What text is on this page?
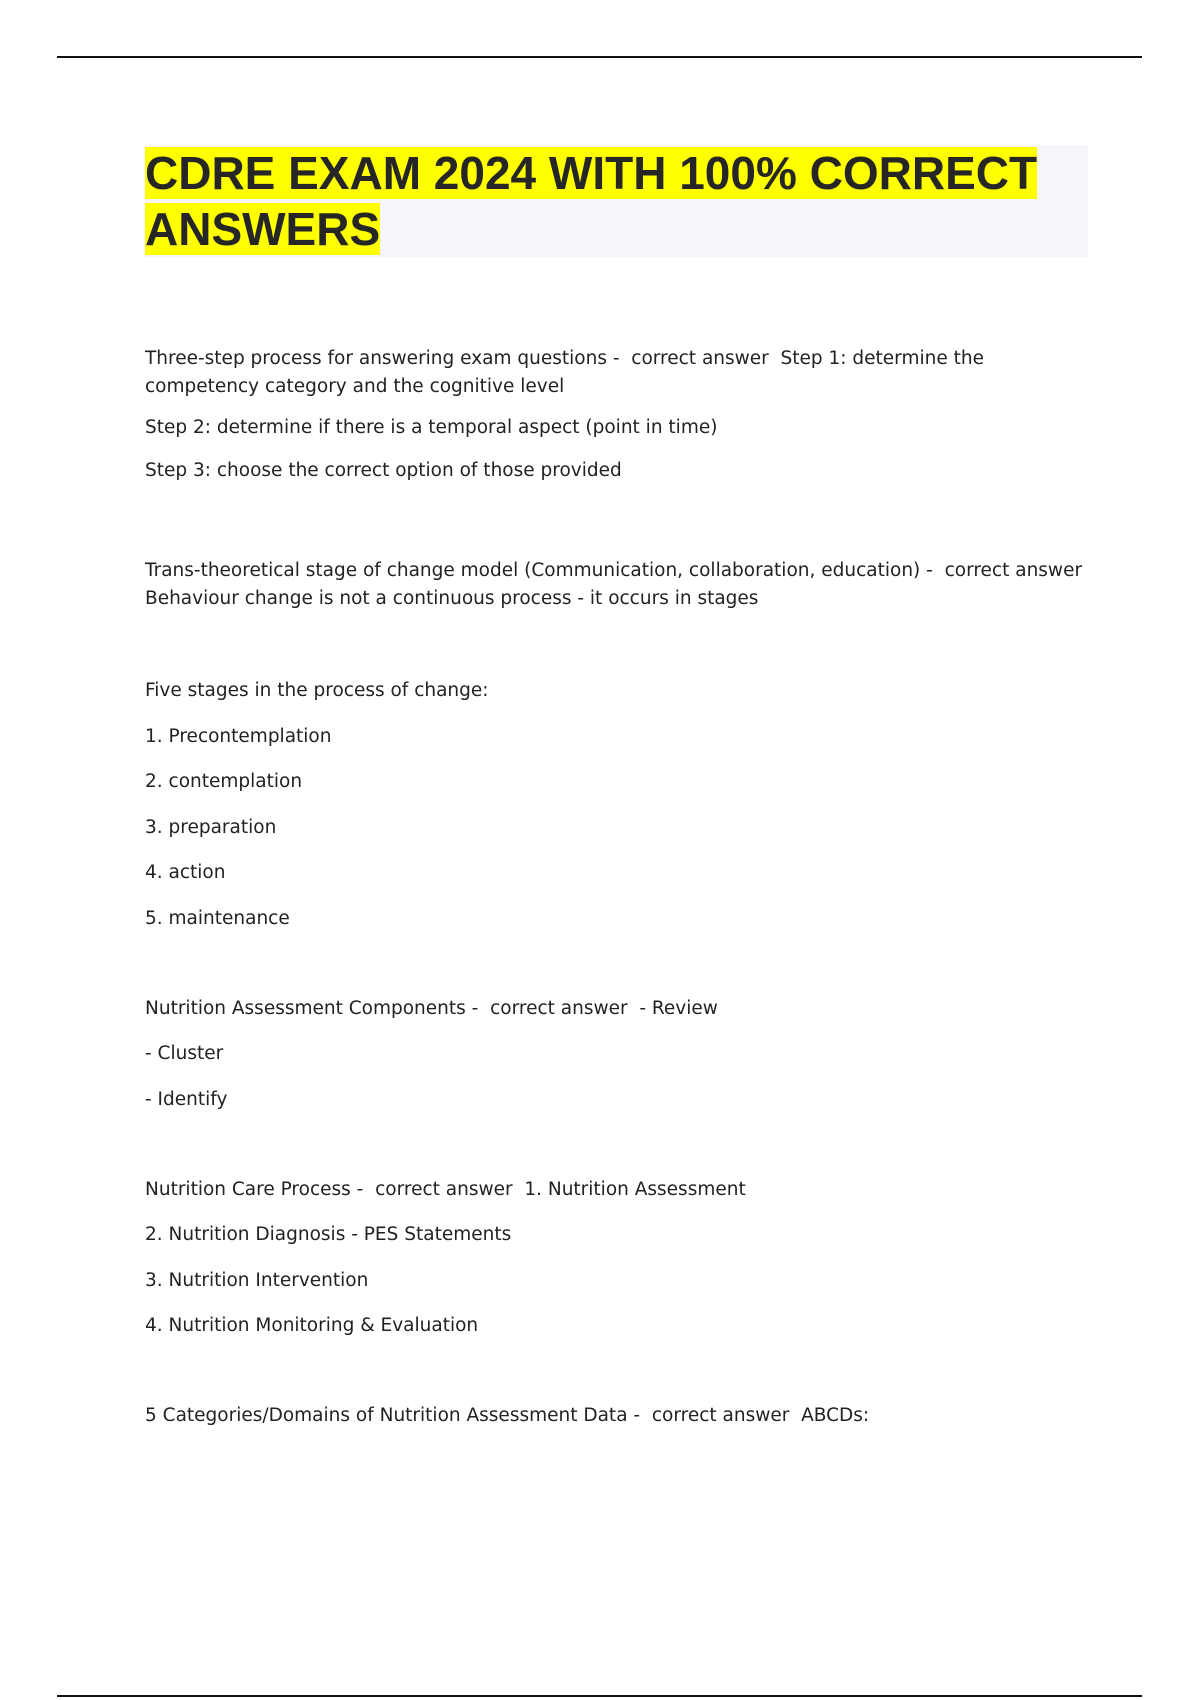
CDRE EXAM 2024 WITH 100% CORRECT ANSWERS

Three-step process for answering exam questions -  correct answer  Step 1: determine the competency category and the cognitive level

Step 2: determine if there is a temporal aspect (point in time)

Step 3: choose the correct option of those provided

Trans-theoretical stage of change model (Communication, collaboration, education) -  correct answer Behaviour change is not a continuous process - it occurs in stages

Five stages in the process of change:

1. Precontemplation

2. contemplation

3. preparation

4. action

5. maintenance

Nutrition Assessment Components -  correct answer  - Review

- Cluster

- Identify

Nutrition Care Process -  correct answer  1. Nutrition Assessment

2. Nutrition Diagnosis - PES Statements

3. Nutrition Intervention

4. Nutrition Monitoring & Evaluation

5 Categories/Domains of Nutrition Assessment Data -  correct answer  ABCDs:
